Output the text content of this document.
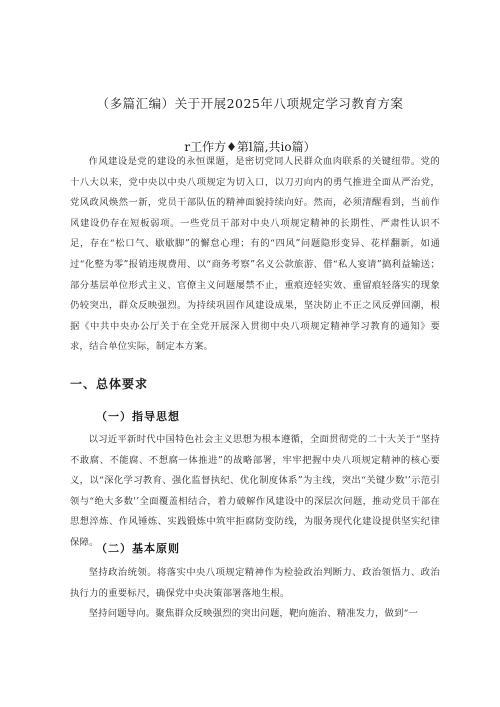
（多篇汇编）关于开展2025年八项规定学习教育方案
r工作方♦第l篇,共io篇）

作风建设是党的建设的永恒课题，是密切党同人民群众血肉联系的关键纽带。党的十八大以来，党中央以中央八项规定为切入口，以刀刃向内的勇气推进全面从严治党，党风政风焕然一新，党员干部队伍的精神面貌持续向好。然而，必须清醒看到，当前作风建设仍存在短板弱项。一些党员干部对中央八项规定精神的长期性、严肃性认识不足，存在“松口气、歇歇脚”的懈怠心理；有的“四风”问题隐形变异、花样翻新，如通过“化整为零”报销违规费用、以“商务考察”名义公款旅游、借“私人宴请”搞利益输送；部分基层单位形式主义、官僚主义问题屡禁不止，重痕迹轻实效、重留痕轻落实的现象仍较突出，群众反映强烈。为持续巩固作风建设成果，坚决防止不正之风反弹回潮，根据《中共中央办公厅关于在全党开展深入贯彻中央八项规定精神学习教育的通知》要求，结合单位实际，制定本方案。

一、总体要求
（一）指导思想

以习近平新时代中国特色社会主义思想为根本遵循，全面贯彻党的二十大关于“坚持不敢腐、不能腐、不想腐一体推进”的战略部署，牢牢把握中央八项规定精神的核心要义，以“深化学习教育、强化监督执纪、优化制度体系”为主线，突出“关键少数'’示范引领与“绝大多数'’全面覆盖相结合，着力破解作风建设中的深层次问题，推动党员干部在思想淬炼、作风锤炼、实践锻炼中筑牢拒腐防变防线，为服务现代化建设提供坚实纪律保障。

（二）基本原则

坚持政治统领。将落实中央八项规定精神作为检验政治判断力、政治领悟力、政治执行力的重要标尺，确保党中央决策部署落地生根。

坚持问题导向。聚焦群众反映强烈的突出问题，靶向施治、精准发力，做到“一
